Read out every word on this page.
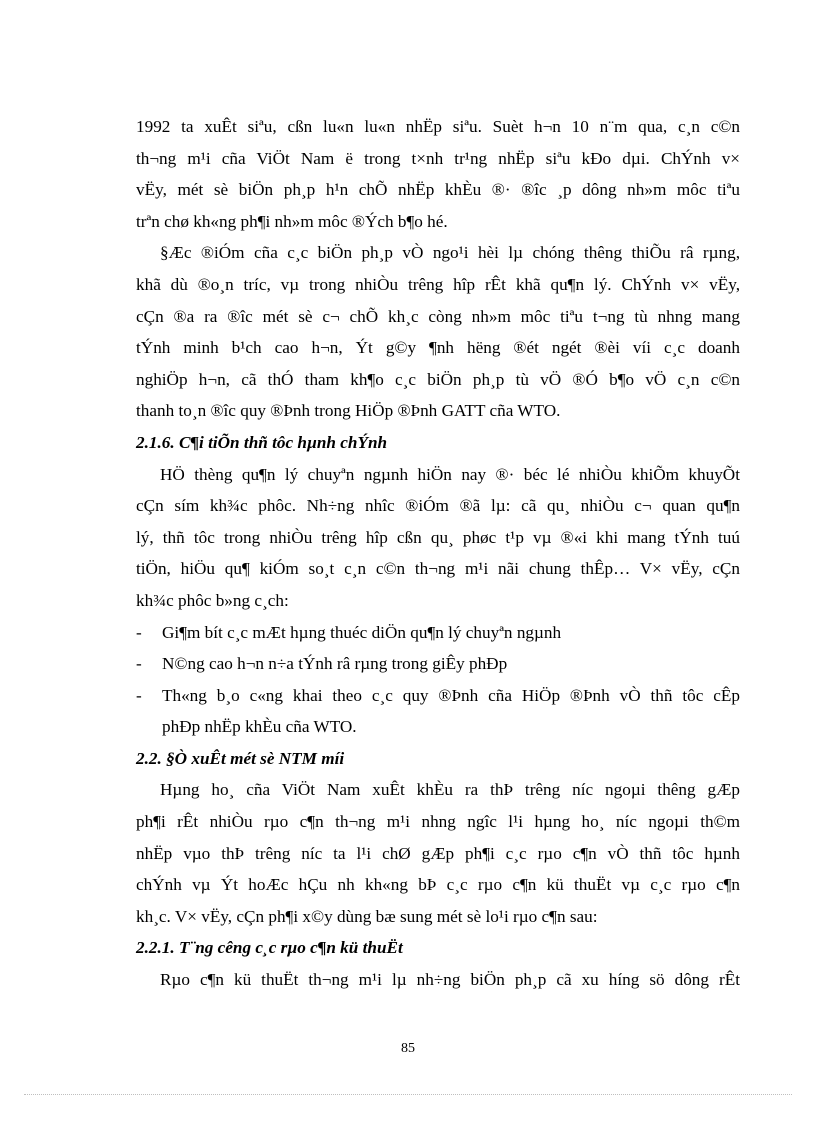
1992 ta xuÊt siªu, cßn lu«n lu«n nhËp siªu. Suèt h¬n 10 n¨m qua, c¸n c©n

th¬ng m¹i cña ViÖt Nam ë trong t×nh tr¹ng nhËp siªu kÐo dµi. ChÝnh v×

vËy, mét sè biÖn ph¸p h¹n chÕ nhËp khÈu ®· ®îc ¸p dông nh»m môc tiªu

trªn chø kh«ng ph¶i nh»m môc ®Ých b¶o hé.

§Æc ®iÓm cña c¸c biÖn ph¸p vÒ ngo¹i hèi lµ chóng thêng thiÕu râ rµng,

khã dù ®o¸n tríc, vµ trong nhiÒu trêng hîp rÊt khã qu¶n lý. ChÝnh v× vËy,

cÇn ®a ra ®îc mét sè c¬ chÕ kh¸c còng nh»m môc tiªu t¬ng tù nhng mang

tÝnh minh b¹ch cao h¬n, Ýt g©y ¶nh hëng ®ét ngét ®èi víi c¸c doanh

nghiÖp h¬n, cã thÓ tham kh¶o c¸c biÖn ph¸p tù vÖ ®Ó b¶o vÖ c¸n c©n

thanh to¸n ®îc quy ®Þnh trong HiÖp ®Þnh GATT cña WTO.

2.1.6. C¶i tiÕn thñ tôc hµnh chÝnh

HÖ thèng qu¶n lý chuyªn ngµnh hiÖn nay ®· béc lé nhiÒu khiÕm khuyÕt

cÇn sím kh¾c phôc. Nh÷ng nhîc ®iÓm ®ã lµ: cã qu¸ nhiÒu c¬ quan qu¶n

lý, thñ tôc trong nhiÒu trêng hîp cßn qu¸ phøc t¹p vµ ®«i khi mang tÝnh tuú

tiÖn, hiÖu qu¶ kiÓm so¸t c¸n c©n th¬ng m¹i nãi chung thÊp… V× vËy, cÇn

kh¾c phôc b»ng c¸ch:

-	Gi¶m bít c¸c mÆt hµng thuéc diÖn qu¶n lý chuyªn ngµnh
-	N©ng cao h¬n n÷a tÝnh râ rµng trong giÊy phÐp
-	Th«ng b¸o c«ng khai theo c¸c quy ®Þnh cña HiÖp ®Þnh vÒ thñ tôc cÊp

phÐp nhËp khÈu cña WTO.

2.2. §Ò xuÊt mét sè NTM míi

Hµng ho¸ cña ViÖt Nam xuÊt khÈu ra thÞ trêng níc ngoµi thêng gÆp

ph¶i rÊt nhiÒu rµo c¶n th¬ng m¹i nhng ngîc l¹i hµng ho¸ níc ngoµi th©m

nhËp vµo thÞ trêng níc ta l¹i chØ gÆp ph¶i c¸c rµo c¶n vÒ thñ tôc hµnh

chÝnh vµ Ýt hoÆc hÇu nh kh«ng bÞ c¸c rµo c¶n kü thuËt vµ c¸c rµo c¶n

kh¸c. V× vËy, cÇn ph¶i x©y dùng bæ sung mét sè lo¹i rµo c¶n sau:

2.2.1. T¨ng cêng c¸c rµo c¶n kü thuËt

Rµo c¶n kü thuËt th¬ng m¹i lµ nh÷ng biÖn ph¸p cã xu híng sö dông rÊt

85
